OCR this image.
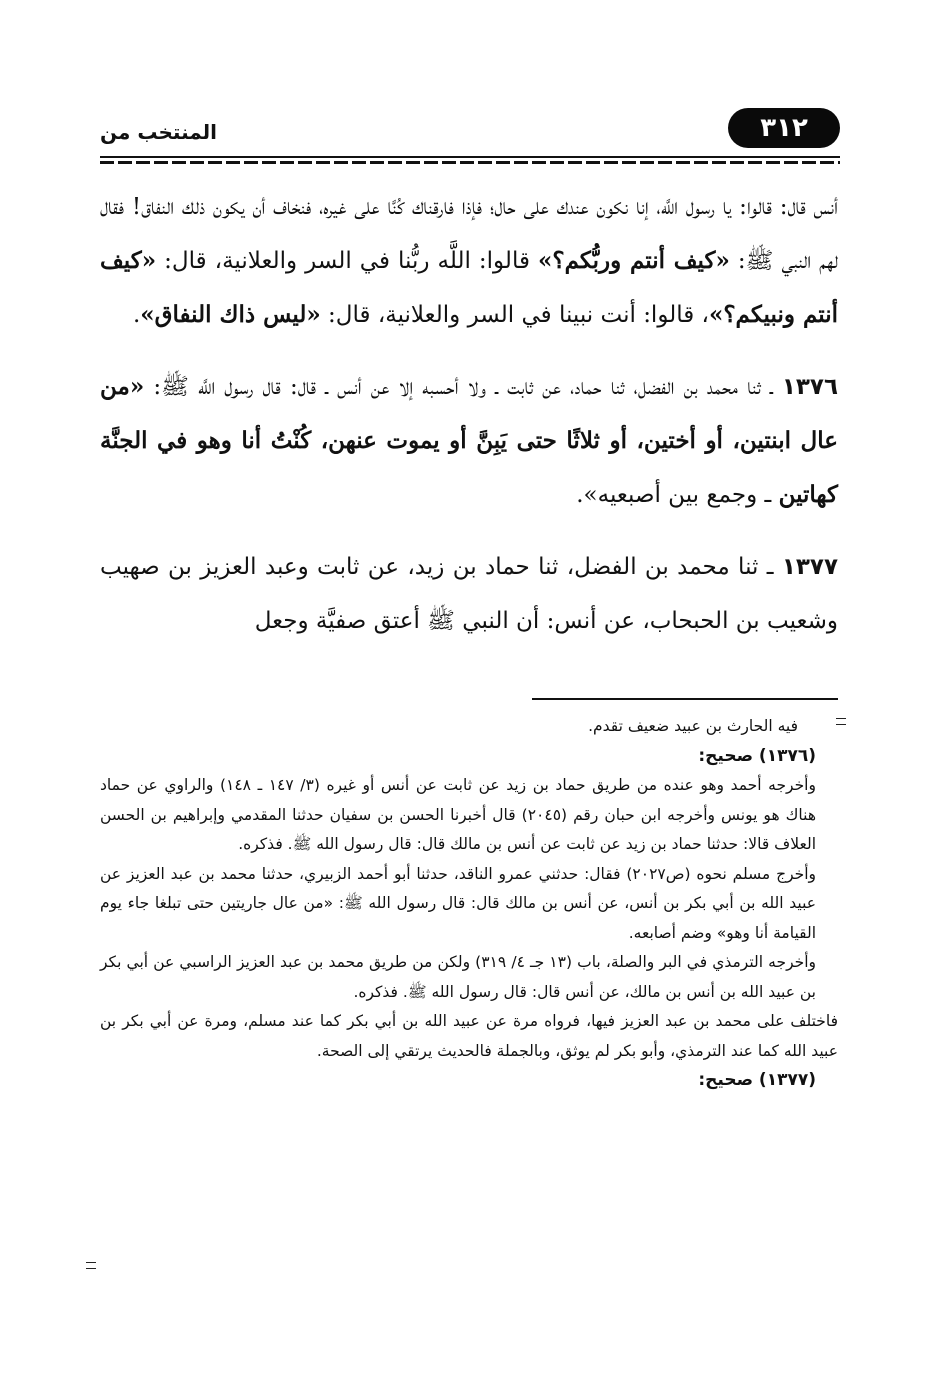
٣١٢
المنتخب من

أنس قال: قالوا: يا رسول اللَّه، إنا نكون عندك على حال؛ فإذا فارقناك كُنَّا على غيره، فنخاف أن يكون ذلك النفاق! فقال لهم النبي ﷺ: «كيف أنتم وربُّكم؟» قالوا: اللَّه ربُّنا في السر والعلانية، قال: «كيف أنتم ونبيكم؟»، قالوا: أنت نبينا في السر والعلانية، قال: «ليس ذاك النفاق».

١٣٧٦ ـ ثنا محمد بن الفضل، ثنا حماد، عن ثابت ـ ولا أحسبه إلا عن أنس ـ قال: قال رسول اللَّه ﷺ: «من عال ابنتين، أو أختين، أو ثلاثًا حتى يَبِنَّ أو يموت عنهن، كُنْتُ أنا وهو في الجنَّة كهاتين ـ وجمع بين أصبعيه».

١٣٧٧ ـ ثنا محمد بن الفضل، ثنا حماد بن زيد، عن ثابت وعبد العزيز بن صهيب وشعيب بن الحبحاب، عن أنس: أن النبي ﷺ أعتق صفيَّة وجعل

فيه الحارث بن عبيد ضعيف تقدم.

(١٣٧٦) صحيح:

وأخرجه أحمد وهو عنده من طريق حماد بن زيد عن ثابت عن أنس أو غيره (٣/ ١٤٧ ـ ١٤٨) والراوي عن حماد هناك هو يونس وأخرجه ابن حبان رقم (٢٠٤٥) قال أخبرنا الحسن بن سفيان حدثنا المقدمي وإبراهيم بن الحسن العلاف قالا: حدثنا حماد بن زيد عن ثابت عن أنس بن مالك قال: قال رسول الله ﷺ. فذكره.

وأخرج مسلم نحوه (ص٢٠٢٧) فقال: حدثني عمرو الناقد، حدثنا أبو أحمد الزبيري، حدثنا محمد بن عبد العزيز عن عبيد الله بن أبي بكر بن أنس، عن أنس بن مالك قال: قال رسول الله ﷺ: «من عال جاريتين حتى تبلغا جاء يوم القيامة أنا وهو» وضم أصابعه.

وأخرجه الترمذي في البر والصلة، باب (١٣ جـ ٤/ ٣١٩) ولكن من طريق محمد بن عبد العزيز الراسبي عن أبي بكر بن عبيد الله بن أنس بن مالك، عن أنس قال: قال رسول الله ﷺ. فذكره.

فاختلف على محمد بن عبد العزيز فيها، فرواه مرة عن عبيد الله بن أبي بكر كما عند مسلم، ومرة عن أبي بكر بن عبيد الله كما عند الترمذي، وأبو بكر لم يوثق، وبالجملة فالحديث يرتقي إلى الصحة.

(١٣٧٧) صحيح:
